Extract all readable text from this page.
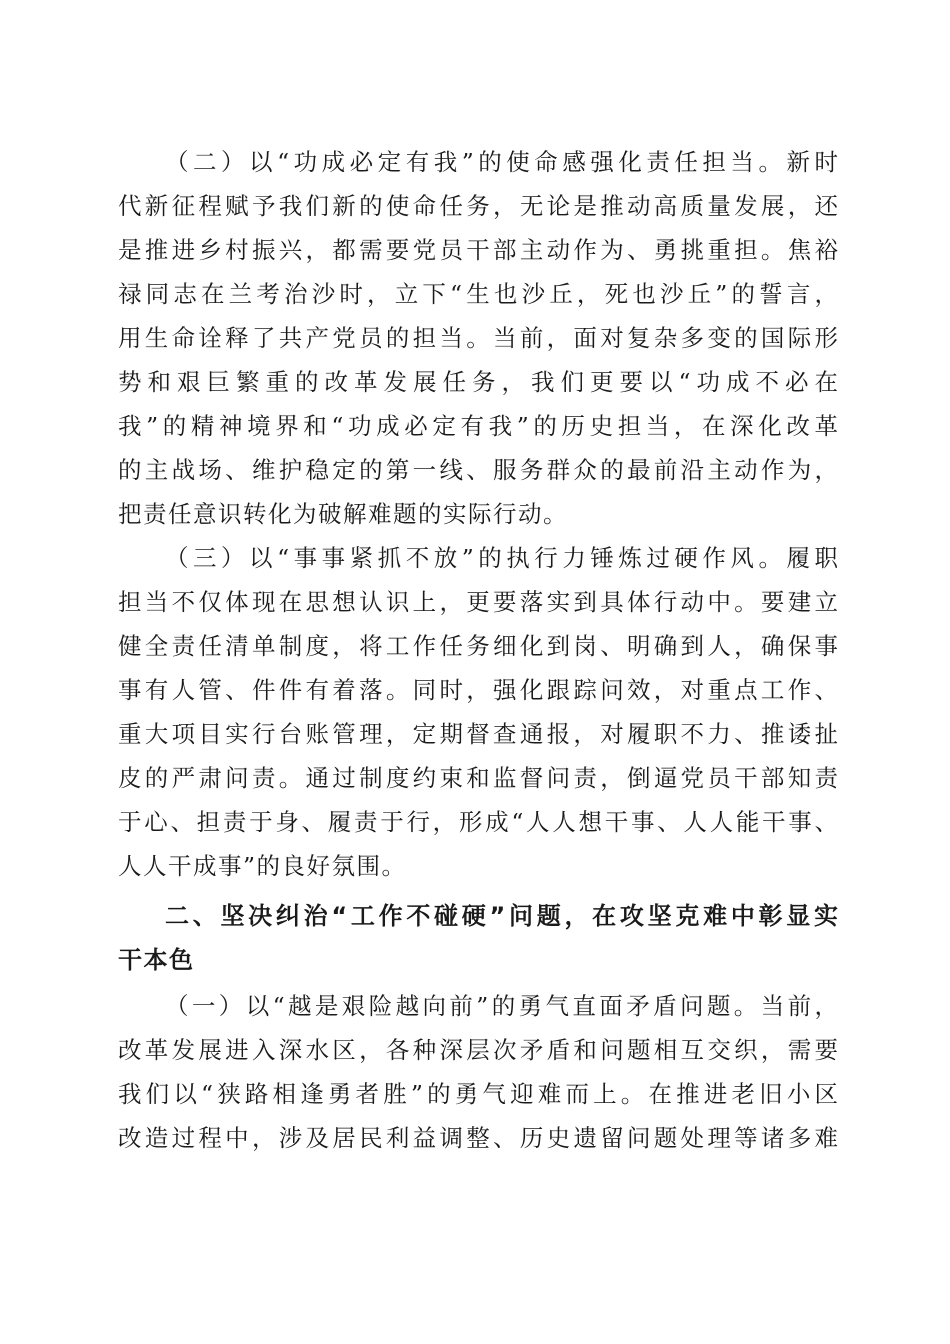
（二）以“功成必定有我”的使命感强化责任担当。新时
代新征程赋予我们新的使命任务，无论是推动高质量发展，还
是推进乡村振兴，都需要党员干部主动作为、勇挑重担。焦裕
禄同志在兰考治沙时，立下“生也沙丘，死也沙丘”的誓言，
用生命诠释了共产党员的担当。当前，面对复杂多变的国际形
势和艰巨繁重的改革发展任务，我们更要以“功成不必在
我”的精神境界和“功成必定有我”的历史担当，在深化改革
的主战场、维护稳定的第一线、服务群众的最前沿主动作为，
把责任意识转化为破解难题的实际行动。
（三）以“事事紧抓不放”的执行力锤炼过硬作风。履职
担当不仅体现在思想认识上，更要落实到具体行动中。要建立
健全责任清单制度，将工作任务细化到岗、明确到人，确保事
事有人管、件件有着落。同时，强化跟踪问效，对重点工作、
重大项目实行台账管理，定期督查通报，对履职不力、推诿扯
皮的严肃问责。通过制度约束和监督问责，倒逼党员干部知责
于心、担责于身、履责于行，形成“人人想干事、人人能干事、
人人干成事”的良好氛围。
二、坚决纠治“工作不碰硬”问题，在攻坚克难中彰显实
干本色
（一）以“越是艰险越向前”的勇气直面矛盾问题。当前，
改革发展进入深水区，各种深层次矛盾和问题相互交织，需要
我们以“狭路相逢勇者胜”的勇气迎难而上。在推进老旧小区
改造过程中，涉及居民利益调整、历史遗留问题处理等诸多难
